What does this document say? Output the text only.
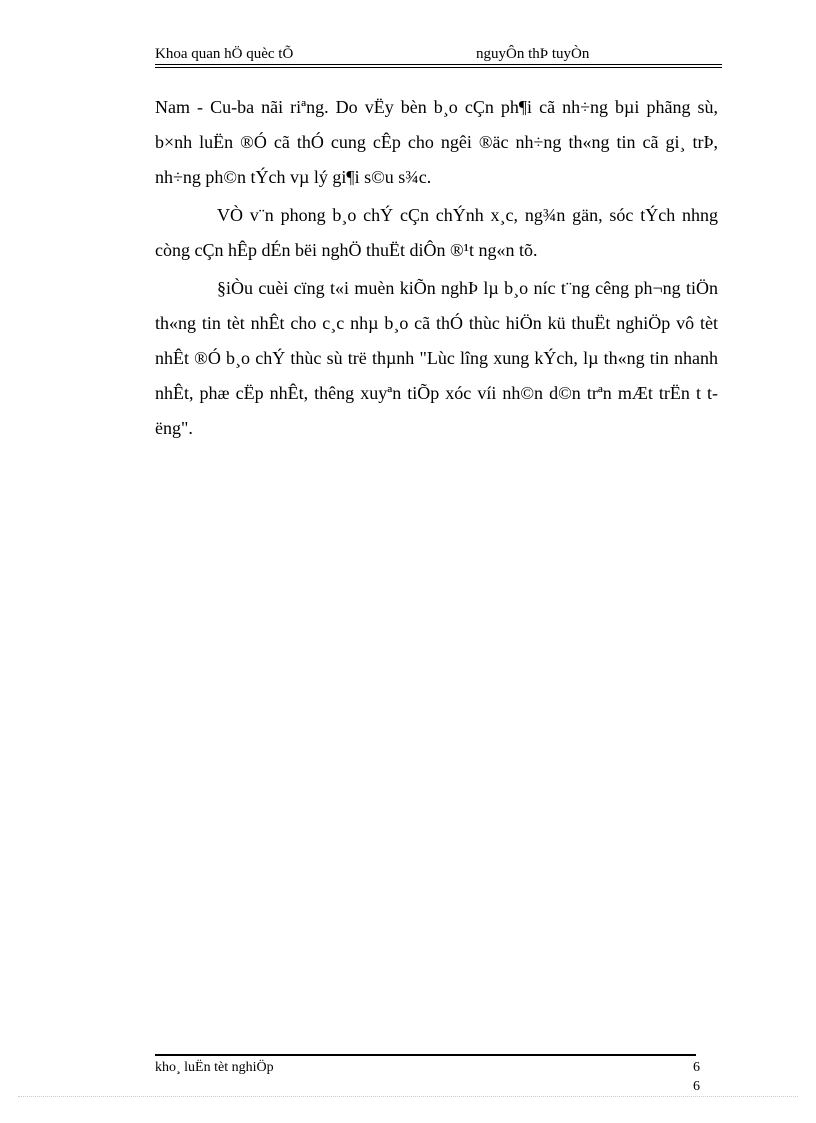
Khoa quan hÖ quèc tÕ	nguyÔn thÞ tuyÒn

Nam - Cu-ba nãi riªng. Do vËy bèn b¸o cÇn ph¶i cã nh÷ng bµi phãng sù, b×nh luËn ®Ó cã thÓ cung cÊp cho ngêi ®äc nh÷ng th«ng tin cã gi¸ trÞ, nh÷ng ph©n tÝch vµ lý gi¶i s©u s¾c.

VÒ v¨n phong b¸o chÝ cÇn chÝnh x¸c, ng¾n gän, sóc tÝch nhng còng cÇn hÊp dÉn bëi nghÖ thuËt diÔn ®¹t ng«n tõ.

§iÒu cuèi cïng t«i muèn kiÕn nghÞ lµ b¸o níc t¨ng cêng ph¬ng tiÖn th«ng tin tèt nhÊt cho c¸c nhµ b¸o cã thÓ thùc hiÖn kü thuËt nghiÖp vô tèt nhÊt ®Ó b¸o chÝ thùc sù trë thµnh "Lùc lîng xung kÝch, lµ th«ng tin nhanh nhÊt, phæ cËp nhÊt, thêng xuyªn tiÕp xóc víi nh©n d©n trªn mÆt trËn t tëng".

kho¸ luËn tèt nghiÖp	6
6
